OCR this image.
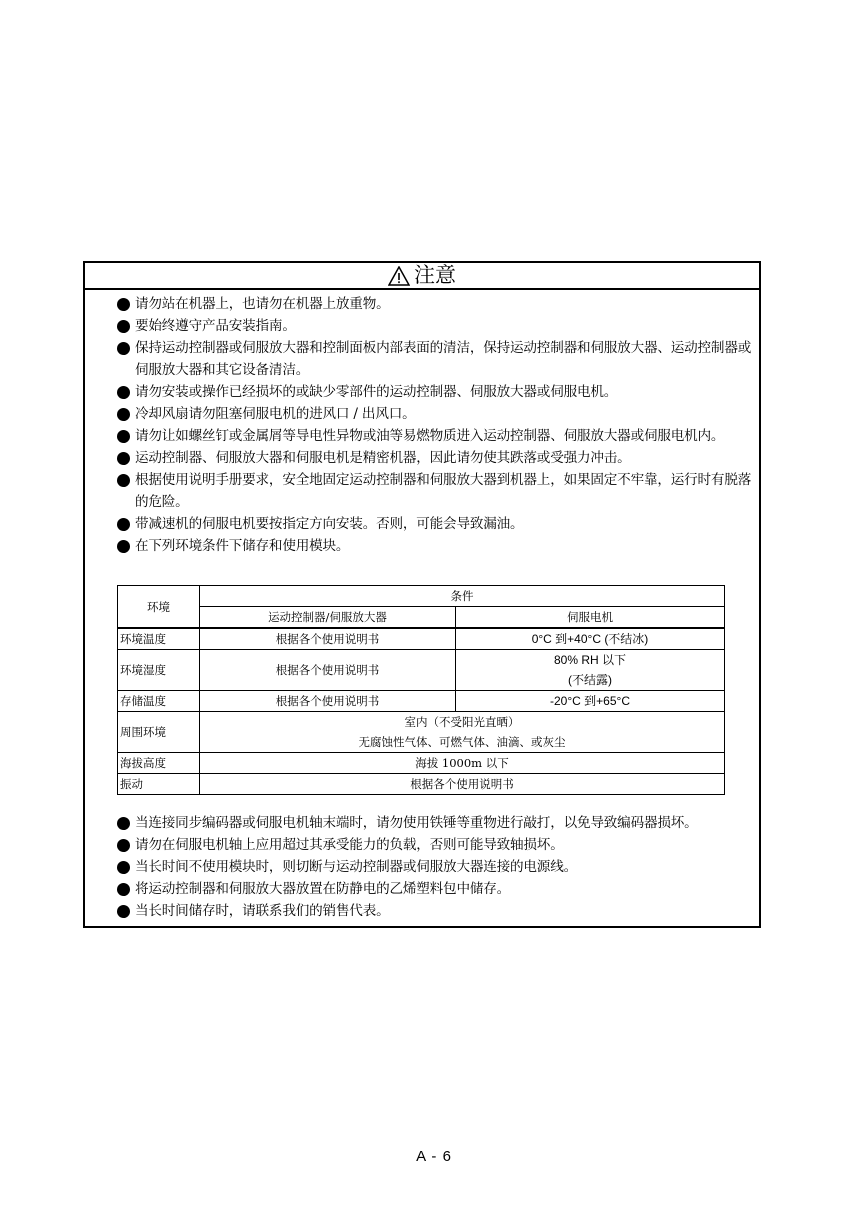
注意
请勿站在机器上，也请勿在机器上放重物。
要始终遵守产品安装指南。
保持运动控制器或伺服放大器和控制面板内部表面的清洁，保持运动控制器和伺服放大器、运动控制器或伺服放大器和其它设备清洁。
请勿安装或操作已经损坏的或缺少零部件的运动控制器、伺服放大器或伺服电机。
冷却风扇请勿阻塞伺服电机的进风口 / 出风口。
请勿让如螺丝钉或金属屑等导电性异物或油等易燃物质进入运动控制器、伺服放大器或伺服电机内。
运动控制器、伺服放大器和伺服电机是精密机器，因此请勿使其跌落或受强力冲击。
根据使用说明手册要求，安全地固定运动控制器和伺服放大器到机器上，如果固定不牢靠，运行时有脱落的危险。
带减速机的伺服电机要按指定方向安装。否则，可能会导致漏油。
在下列环境条件下储存和使用模块。
环境	条件	
	运动控制器/伺服放大器	伺服电机
环境温度	根据各个使用说明书	0°C 到+40°C (不结冰)
环境湿度	根据各个使用说明书	80% RH 以下
(不结露)

存储温度	根据各个使用说明书	-20°C 到+65°C
周围环境	室内（不受阳光直晒）
无腐蚀性气体、可燃气体、油滴、或灰尘	

海拔高度	海拔 1000m 以下	
振动	根据各个使用说明书	
当连接同步编码器或伺服电机轴末端时，请勿使用铁锤等重物进行敲打，以免导致编码器损坏。
请勿在伺服电机轴上应用超过其承受能力的负载，否则可能导致轴损坏。
当长时间不使用模块时，则切断与运动控制器或伺服放大器连接的电源线。
将运动控制器和伺服放大器放置在防静电的乙烯塑料包中储存。
当长时间储存时，请联系我们的销售代表。
A - 6
